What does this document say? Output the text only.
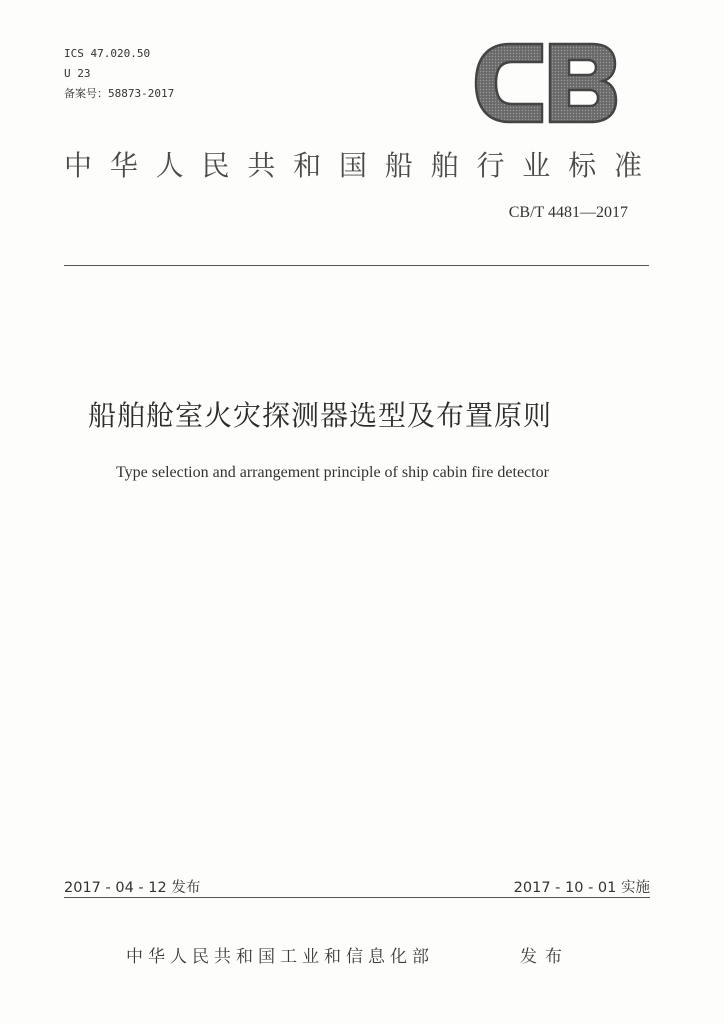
ICS 47.020.50
U 23
备案号：58873-2017
中 华 人 民 共 和 国 船 舶 行 业 标 准
CB/T 4481—2017
船舶舱室火灾探测器选型及布置原则
Type selection and arrangement principle of ship cabin fire detector
2017 - 04 - 12 发布	2017 - 10 - 01 实施
中华人民共和国工业和信息化部	发布
